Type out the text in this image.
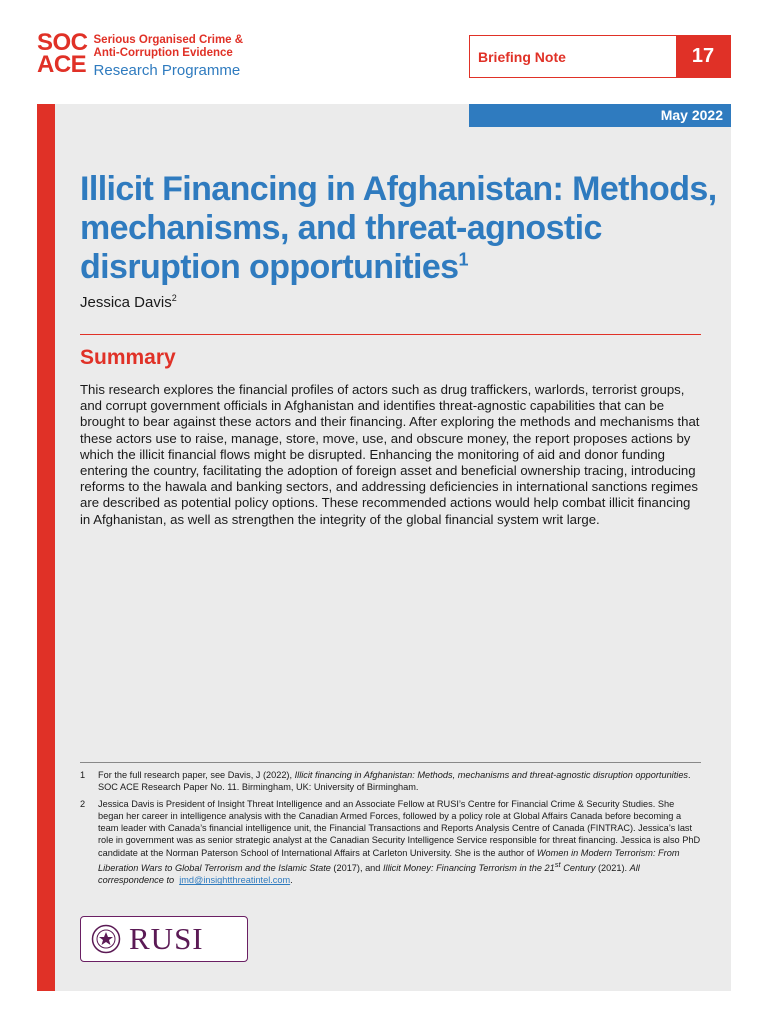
SOC
ACE
Serious Organised Crime &
Anti-Corruption Evidence
Research Programme
Briefing Note	17
May 2022
Illicit Financing in Afghanistan: Methods, mechanisms, and threat-agnostic disruption opportunities$^1$
Jessica Davis$^2$
Summary

This research explores the financial profiles of actors such as drug traffickers, warlords, terrorist groups, and corrupt government officials in Afghanistan and identifies threat-agnostic capabilities that can be brought to bear against these actors and their financing. After exploring the methods and mechanisms that these actors use to raise, manage, store, move, use, and obscure money, the report proposes actions by which the illicit financial flows might be disrupted. Enhancing the monitoring of aid and donor funding entering the country, facilitating the adoption of foreign asset and beneficial ownership tracing, introducing reforms to the hawala and banking sectors, and addressing deficiencies in international sanctions regimes are described as potential policy options. These recommended actions would help combat illicit financing in Afghanistan, as well as strengthen the integrity of the global financial system writ large.

1	For the full research paper, see Davis, J (2022), Illicit financing in Afghanistan: Methods, mechanisms and threat-agnostic disruption opportunities. SOC ACE Research Paper No. 11. Birmingham, UK: University of Birmingham.
2	Jessica Davis is President of Insight Threat Intelligence and an Associate Fellow at RUSI’s Centre for Financial Crime & Security Studies. She began her career in intelligence analysis with the Canadian Armed Forces, followed by a policy role at Global Affairs Canada before becoming a team leader with Canada’s financial intelligence unit, the Financial Transactions and Reports Analysis Centre of Canada (FINTRAC). Jessica’s last role in government was as senior strategic analyst at the Canadian Security Intelligence Service responsible for threat financing. Jessica is also PhD candidate at the Norman Paterson School of International Affairs at Carleton University. She is the author of Women in Modern Terrorism: From Liberation Wars to Global Terrorism and the Islamic State (2017), and Illicit Money: Financing Terrorism in the 21st Century (2021). All correspondence to jmd@insightthreatintel.com.
RUSI
